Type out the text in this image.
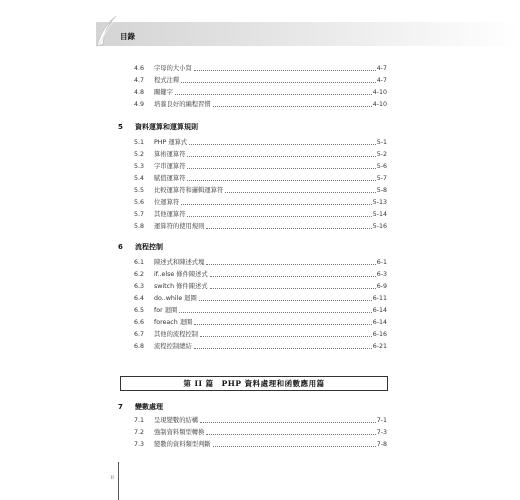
目錄
4.6	字母的大小寫	4-7
4.7	程式注釋	4-7
4.8	關鍵字	4-10
4.9	培養良好的編程習慣	4-10
5	資料運算和運算規則
5.1	PHP 運算式	5-1
5.2	算術運算符	5-2
5.3	字串運算符	5-6
5.4	賦值運算符	5-7
5.5	比較運算符和邏輯運算符	5-8
5.6	位運算符	5-13
5.7	其他運算符	5-14
5.8	運算符的使用規則	5-16
6	流程控制
6.1	陳述式和陳述式塊	6-1
6.2	if..else 條件陳述式	6-3
6.3	switch 條件陳述式	6-9
6.4	do..while 迴圈	6-11
6.5	for 迴圈	6-14
6.6	foreach 迴圈	6-14
6.7	其他的流程控制	6-16
6.8	流程控制總結	6-21
第 II 篇　PHP 資料處理和函數應用篇
7	變數處理
7.1	呈現變數的結構	7-1
7.2	強制資料類型轉換	7-3
7.3	變數的資料類型判斷	7-8
ii
